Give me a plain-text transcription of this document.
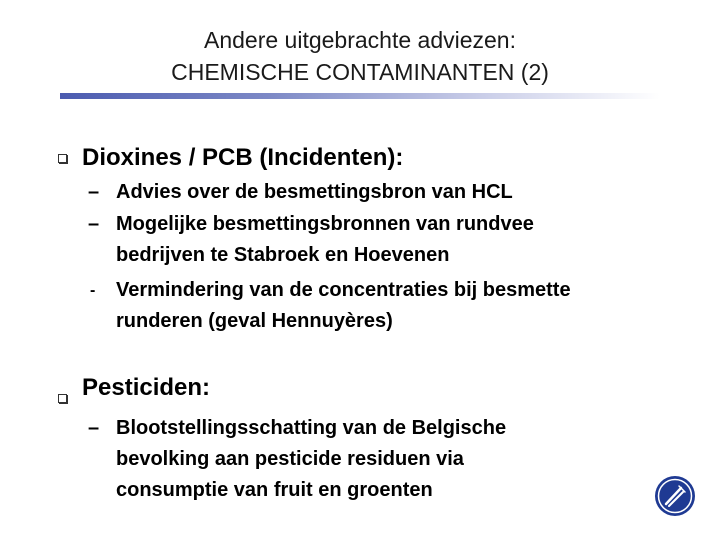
Andere uitgebrachte adviezen:
CHEMISCHE CONTAMINANTEN (2)
Dioxines / PCB (Incidenten):
– Advies over de besmettingsbron van HCL
– Mogelijke besmettingsbronnen van rundvee
bedrijven te Stabroek en Hoevenen
- Vermindering van de concentraties bij besmette
runderen (geval Hennuyères)
Pesticiden:
– Blootstellingsschatting van de Belgische
bevolking aan pesticide residuen via
consumptie van fruit en groenten
